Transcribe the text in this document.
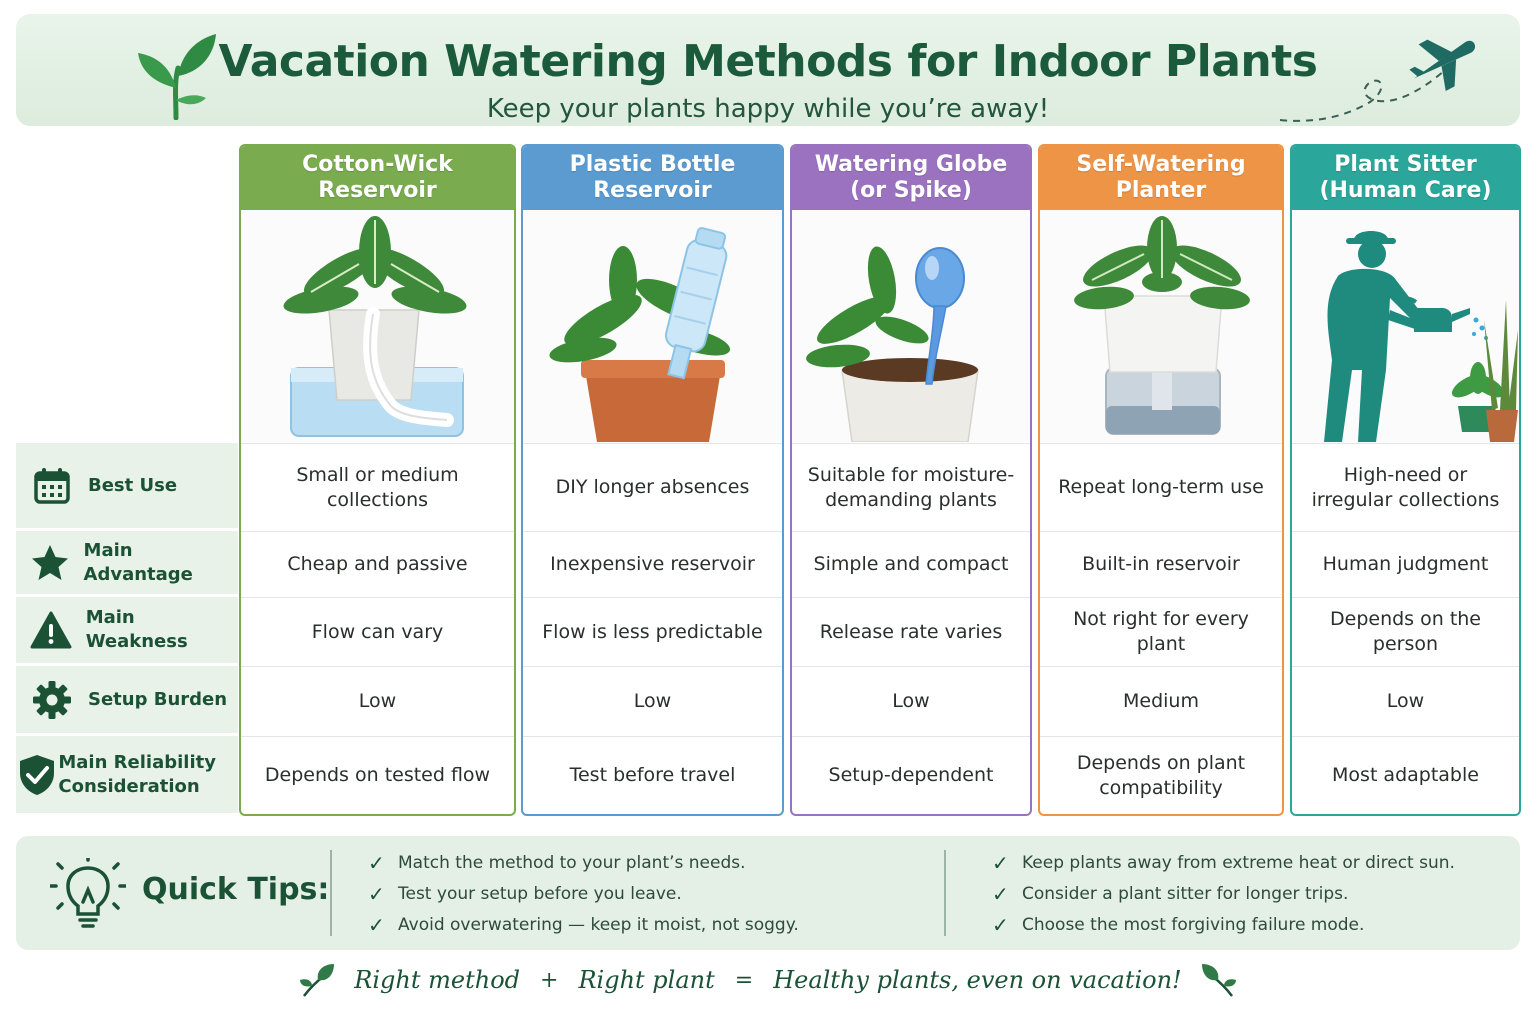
Vacation Watering Methods for Indoor Plants
Keep your plants happy while you’re away!
Best Use
Main Advantage
Main Weakness
Setup Burden
Main Reliability Consideration
Cotton-Wick Reservoir
Small or medium collections
Cheap and passive
Flow can vary
Low
Depends on tested flow
Plastic Bottle Reservoir
DIY longer absences
Inexpensive reservoir
Flow is less predictable
Low
Test before travel
Watering Globe (or Spike)
Suitable for moisture-demanding plants
Simple and compact
Release rate varies
Low
Setup-dependent
Self-Watering Planter
Repeat long-term use
Built-in reservoir
Not right for every plant
Medium
Depends on plant compatibility
Plant Sitter (Human Care)
High-need or irregular collections
Human judgment
Depends on the person
Low
Most adaptable
Quick Tips:
✓ Match the method to your plant’s needs.
✓ Test your setup before you leave.
✓ Avoid overwatering — keep it moist, not soggy.
✓ Keep plants away from extreme heat or direct sun.
✓ Consider a plant sitter for longer trips.
✓ Choose the most forgiving failure mode.
Right method + Right plant = Healthy plants, even on vacation!
